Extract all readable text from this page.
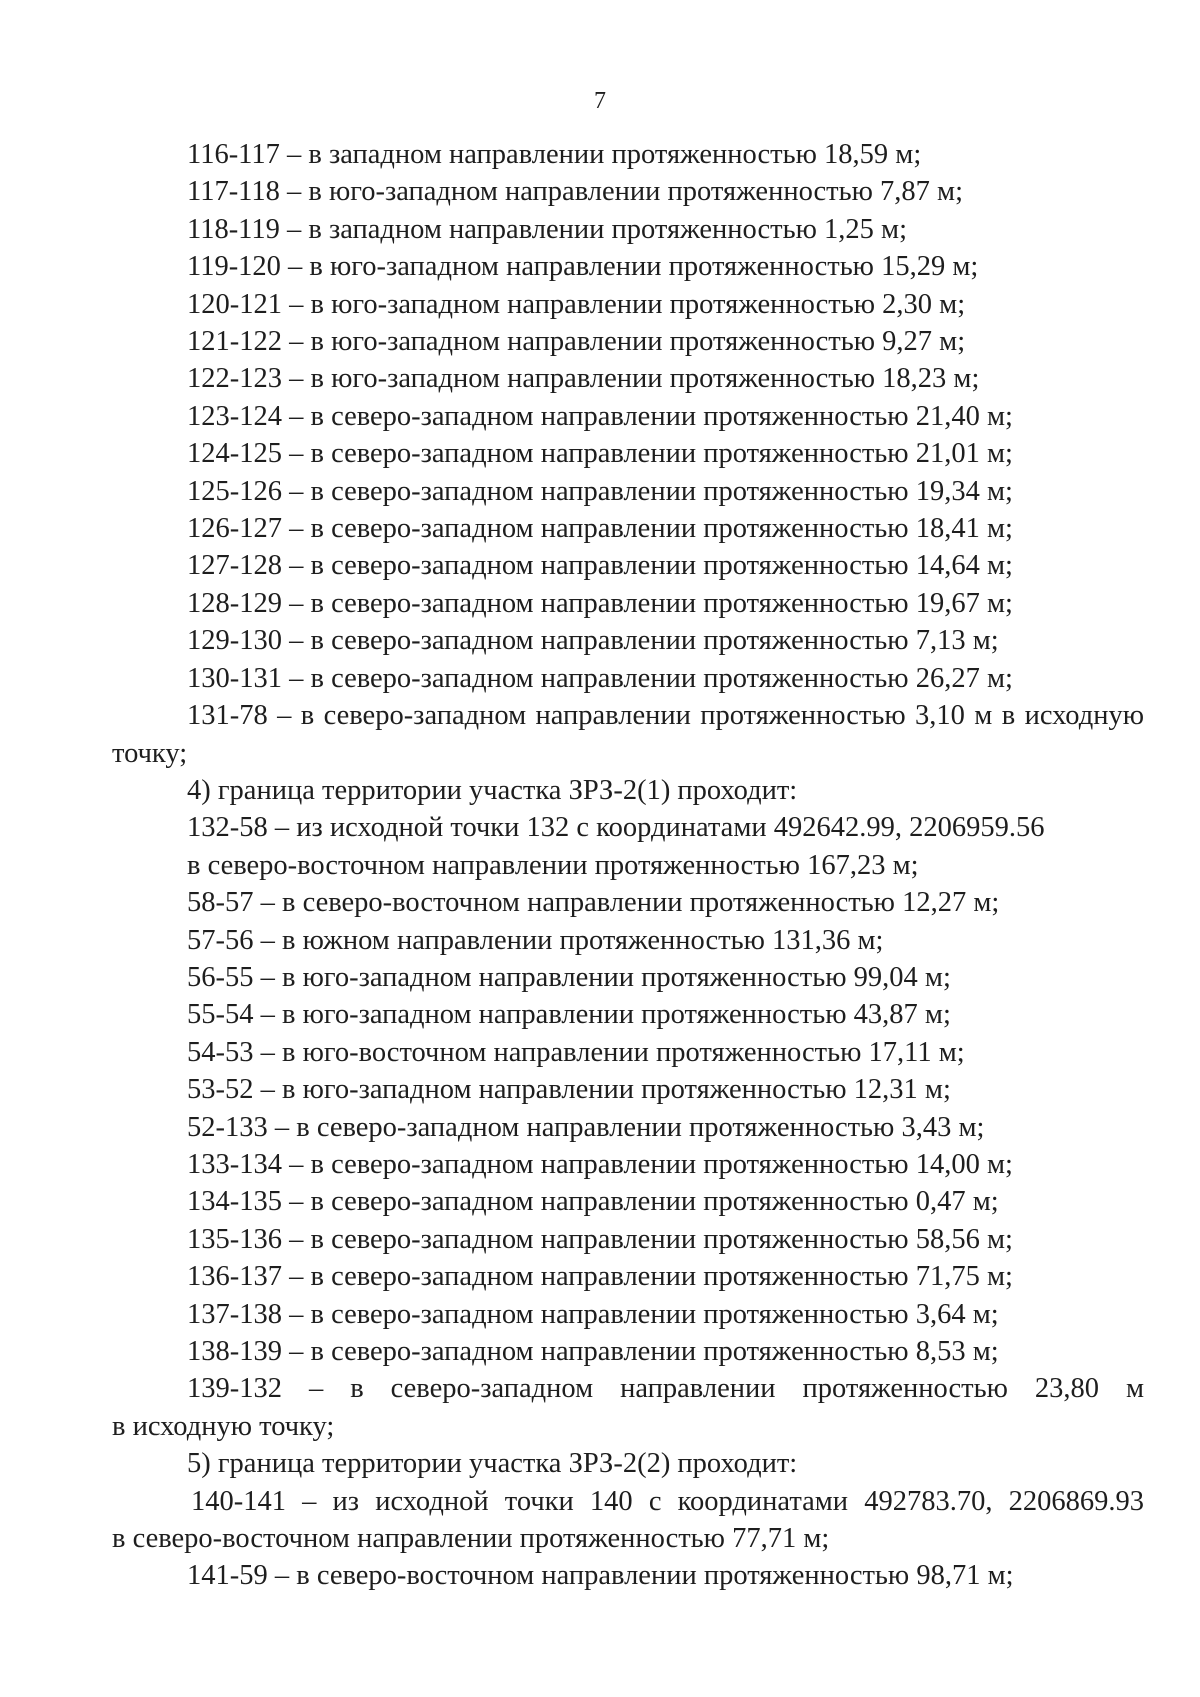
7
116-117 – в западном направлении протяженностью 18,59 м;
117-118 – в юго-западном направлении протяженностью 7,87 м;
118-119 – в западном направлении протяженностью 1,25 м;
119-120 – в юго-западном направлении протяженностью 15,29 м;
120-121 – в юго-западном направлении протяженностью 2,30 м;
121-122 – в юго-западном направлении протяженностью 9,27 м;
122-123 – в юго-западном направлении протяженностью 18,23 м;
123-124 – в северо-западном направлении протяженностью 21,40 м;
124-125 – в северо-западном направлении протяженностью 21,01 м;
125-126 – в северо-западном направлении протяженностью 19,34 м;
126-127 – в северо-западном направлении протяженностью 18,41 м;
127-128 – в северо-западном направлении протяженностью 14,64 м;
128-129 – в северо-западном направлении протяженностью 19,67 м;
129-130 – в северо-западном направлении протяженностью 7,13 м;
130-131 – в северо-западном направлении протяженностью 26,27 м;
131-78 – в северо-западном направлении протяженностью 3,10 м в исходную
точку;
4) граница территории участка ЗРЗ-2(1) проходит:
132-58 – из исходной точки 132 с координатами 492642.99, 2206959.56
в северо-восточном направлении протяженностью 167,23 м;
58-57 – в северо-восточном направлении протяженностью 12,27 м;
57-56 – в южном направлении протяженностью 131,36 м;
56-55 – в юго-западном направлении протяженностью 99,04 м;
55-54 – в юго-западном направлении протяженностью 43,87 м;
54-53 – в юго-восточном направлении протяженностью 17,11 м;
53-52 – в юго-западном направлении протяженностью 12,31 м;
52-133 – в северо-западном направлении протяженностью 3,43 м;
133-134 – в северо-западном направлении протяженностью 14,00 м;
134-135 – в северо-западном направлении протяженностью 0,47 м;
135-136 – в северо-западном направлении протяженностью 58,56 м;
136-137 – в северо-западном направлении протяженностью 71,75 м;
137-138 – в северо-западном направлении протяженностью 3,64 м;
138-139 – в северо-западном направлении протяженностью 8,53 м;
139-132 – в северо-западном направлении протяженностью 23,80 м
в исходную точку;
5) граница территории участка ЗРЗ-2(2) проходит:
140-141 – из исходной точки 140 с координатами 492783.70, 2206869.93
в северо-восточном направлении протяженностью 77,71 м;
141-59 – в северо-восточном направлении протяженностью 98,71 м;
